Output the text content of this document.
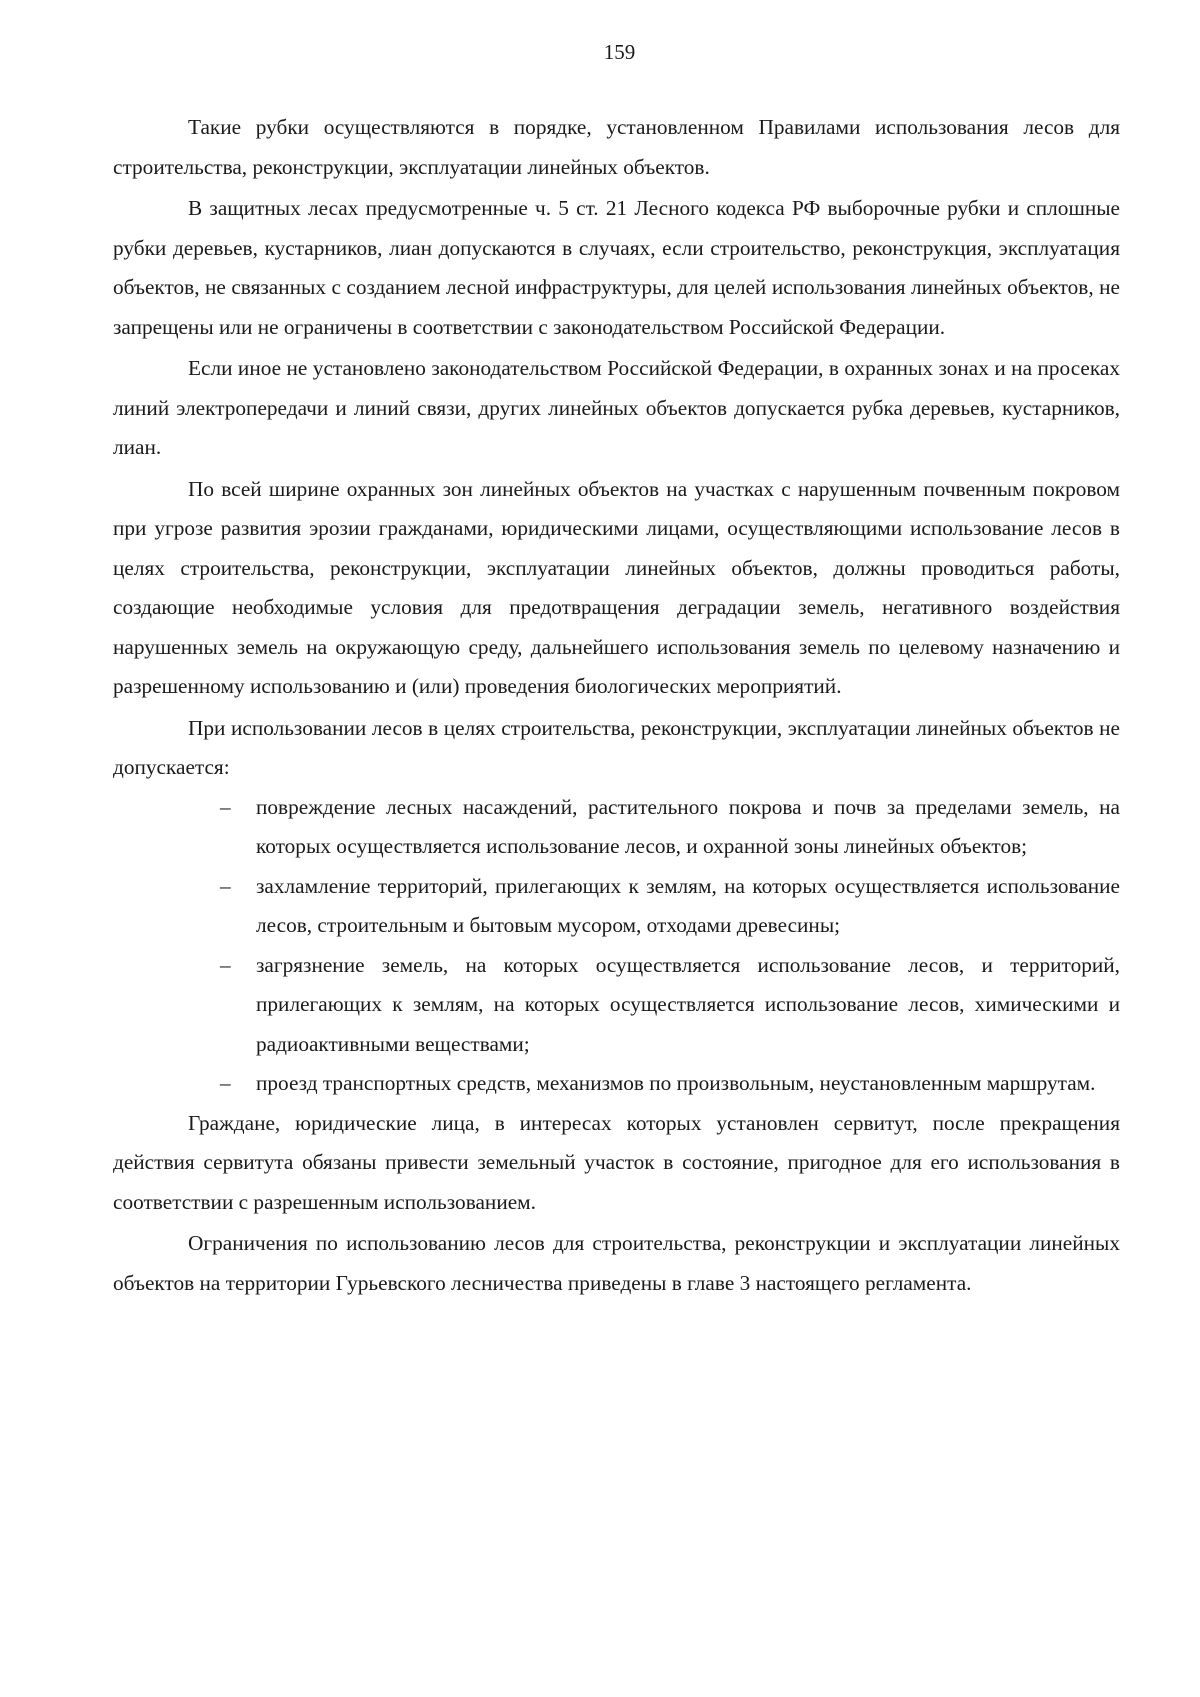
159

Такие рубки осуществляются в порядке, установленном Правилами использования лесов для строительства, реконструкции, эксплуатации линейных объектов.

В защитных лесах предусмотренные ч. 5 ст. 21 Лесного кодекса РФ выборочные рубки и сплошные рубки деревьев, кустарников, лиан допускаются в случаях, если строительство, реконструкция, эксплуатация объектов, не связанных с созданием лесной инфраструктуры, для целей использования линейных объектов, не запрещены или не ограничены в соответствии с законодательством Российской Федерации.

Если иное не установлено законодательством Российской Федерации, в охранных зонах и на просеках линий электропередачи и линий связи, других линейных объектов допускается рубка деревьев, кустарников, лиан.

По всей ширине охранных зон линейных объектов на участках с нарушенным почвенным покровом при угрозе развития эрозии гражданами, юридическими лицами, осуществляющими использование лесов в целях строительства, реконструкции, эксплуатации линейных объектов, должны проводиться работы, создающие необходимые условия для предотвращения деградации земель, негативного воздействия нарушенных земель на окружающую среду, дальнейшего использования земель по целевому назначению и разрешенному использованию и (или) проведения биологических мероприятий.

При использовании лесов в целях строительства, реконструкции, эксплуатации линейных объектов не допускается:

– повреждение лесных насаждений, растительного покрова и почв за пределами земель, на которых осуществляется использование лесов, и охранной зоны линейных объектов;
– захламление территорий, прилегающих к землям, на которых осуществляется использование лесов, строительным и бытовым мусором, отходами древесины;
– загрязнение земель, на которых осуществляется использование лесов, и территорий, прилегающих к землям, на которых осуществляется использование лесов, химическими и радиоактивными веществами;
– проезд транспортных средств, механизмов по произвольным, неустановленным маршрутам.

Граждане, юридические лица, в интересах которых установлен сервитут, после прекращения действия сервитута обязаны привести земельный участок в состояние, пригодное для его использования в соответствии с разрешенным использованием.

Ограничения по использованию лесов для строительства, реконструкции и эксплуатации линейных объектов на территории Гурьевского лесничества приведены в главе 3 настоящего регламента.
